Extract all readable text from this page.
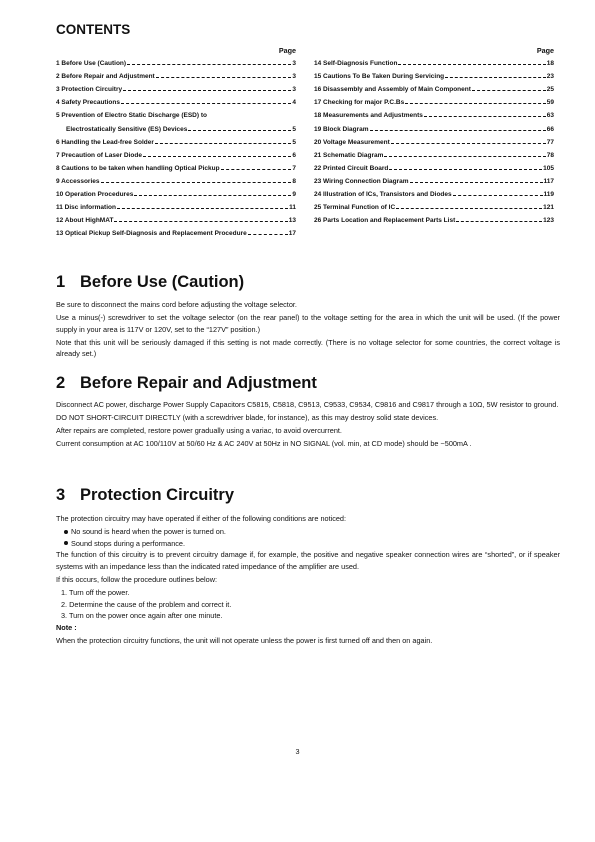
CONTENTS
Page
1 Before Use (Caution)	3
2 Before Repair and Adjustment	3
3 Protection Circuitry	3
4 Safety Precautions	4
5 Prevention of Electro Static Discharge (ESD) to
Electrostatically Sensitive (ES) Devices	5
6 Handling the Lead-free Solder	5
7 Precaution of Laser Diode	6
8 Cautions to be taken when handling Optical Pickup	7
9 Accessories	8
10 Operation Procedures	9
11 Disc information	11
12 About HighMAT	13
13 Optical Pickup Self-Diagnosis and Replacement Procedure	17
Page
14 Self-Diagnosis Function	18
15 Cautions To Be Taken During Servicing	23
16 Disassembly and Assembly of Main Component	25
17 Checking for major P.C.Bs	59
18 Measurements and Adjustments	63
19 Block Diagram	66
20 Voltage Measurement	77
21 Schematic Diagram	78
22 Printed Circuit Board	105
23 Wiring Connection Diagram	117
24 Illustration of ICs, Transistors and Diodes	119
25 Terminal Function of IC	121
26 Parts Location and Replacement Parts List	123
1 Before Use (Caution)

Be sure to disconnect the mains cord before adjusting the voltage selector.

Use a minus(-) screwdriver to set the voltage selector (on the rear panel) to the voltage setting for the area in which the unit will be used. (If the power supply in your area is 117V or 120V, set to the “127V” position.)

Note that this unit will be seriously damaged if this setting is not made correctly. (There is no voltage selector for some countries, the correct voltage is already set.)

2 Before Repair and Adjustment

Disconnect AC power, discharge Power Supply Capacitors C5815, C5818, C9513, C9533, C9534, C9816 and C9817 through a 10Ω, 5W resistor to ground.

DO NOT SHORT-CIRCUIT DIRECTLY (with a screwdriver blade, for instance), as this may destroy solid state devices.

After repairs are completed, restore power gradually using a variac, to avoid overcurrent.

Current consumption at AC 100/110V at 50/60 Hz & AC 240V at 50Hz in NO SIGNAL (vol. min, at CD mode) should be ~500mA .

3 Protection Circuitry

The protection circuitry may have operated if either of the following conditions are noticed:

No sound is heard when the power is turned on.
Sound stops during a performance.

The function of this circuitry is to prevent circuitry damage if, for example, the positive and negative speaker connection wires are “shorted”, or if speaker systems with an impedance less than the indicated rated impedance of the amplifier are used.

If this occurs, follow the procedure outlines below:

1. Turn off the power.
2. Determine the cause of the problem and correct it.
3. Turn on the power once again after one minute.

Note :

When the protection circuitry functions, the unit will not operate unless the power is first turned off and then on again.

3
